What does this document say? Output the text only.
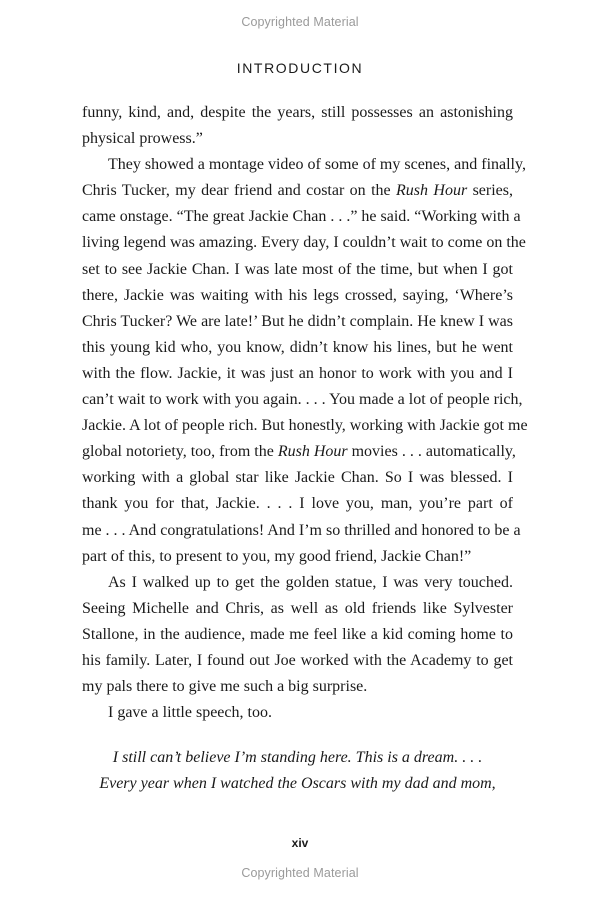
Copyrighted Material
INTRODUCTION
funny, kind, and, despite the years, still possesses an astonishing
physical prowess.”
They showed a montage video of some of my scenes, and finally,
Chris Tucker, my dear friend and costar on the Rush Hour series,
came onstage. “The great Jackie Chan . . .” he said. “Working with a
living legend was amazing. Every day, I couldn’t wait to come on the
set to see Jackie Chan. I was late most of the time, but when I got
there, Jackie was waiting with his legs crossed, saying, ‘Where’s
Chris Tucker? We are late!’ But he didn’t complain. He knew I was
this young kid who, you know, didn’t know his lines, but he went
with the flow. Jackie, it was just an honor to work with you and I
can’t wait to work with you again. . . . You made a lot of people rich,
Jackie. A lot of people rich. But honestly, working with Jackie got me
global notoriety, too, from the Rush Hour movies . . . automatically,
working with a global star like Jackie Chan. So I was blessed. I
thank you for that, Jackie. . . . I love you, man, you’re part of
me . . . And congratulations! And I’m so thrilled and honored to be a
part of this, to present to you, my good friend, Jackie Chan!”
As I walked up to get the golden statue, I was very touched.
Seeing Michelle and Chris, as well as old friends like Sylvester
Stallone, in the audience, made me feel like a kid coming home to
his family. Later, I found out Joe worked with the Academy to get
my pals there to give me such a big surprise.
I gave a little speech, too.
I still can’t believe I’m standing here. This is a dream. . . .
Every year when I watched the Oscars with my dad and mom,
xiv
Copyrighted Material
